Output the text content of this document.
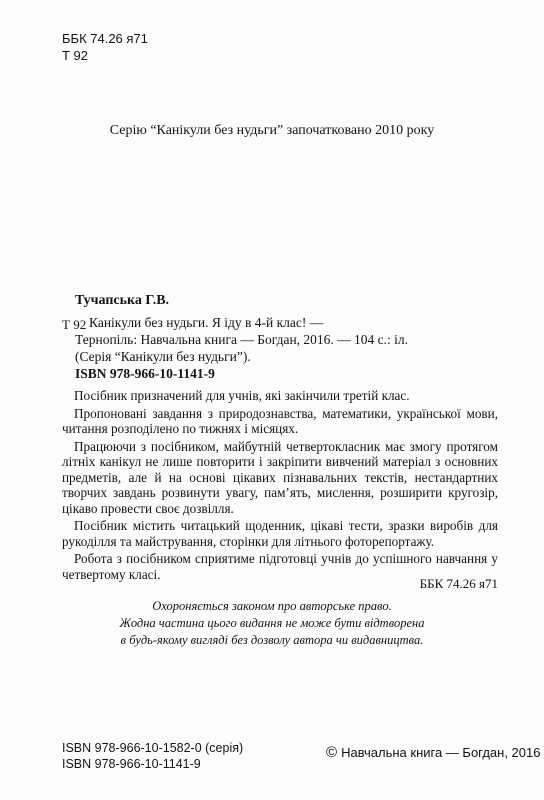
ББК 74.26 я71
Т 92
Серію “Канікули без нудьги” започатковано 2010 року
Тучапська Г.В.
Т 92 Канікули без нудьги. Я іду в 4-й клас! —
Тернопіль: Навчальна книга — Богдан, 2016. — 104 с.: іл.
(Серія “Канікули без нудьги”).
ISBN 978-966-10-1141-9

Посібник призначений для учнів, які закінчили третій клас.

Пропоновані завдання з природознавства, математики, української мови, читання розподілено по тижнях і місяцях.

Працюючи з посібником, майбутній четвертокласник має змогу протягом літніх канікул не лише повторити і закріпити вивчений матеріал з основних предметів, але й на основі цікавих пізнавальних текстів, нестандартних творчих завдань розвинути увагу, пам’ять, мислення, розширити кругозір, цікаво провести своє дозвілля.

Посібник містить читацький щоденник, цікаві тести, зразки виробів для рукоділля та майстрування, сторінки для літнього фоторепортажу.

Робота з посібником сприятиме підготовці учнів до успішного навчання у четвертому класі.

ББК 74.26 я71
Охороняється законом про авторське право.
Жодна частина цього видання не може бути відтворена
в будь-якому вигляді без дозволу автора чи видавництва.
ISBN 978-966-10-1582-0 (серія)
ISBN 978-966-10-1141-9
© Навчальна книга — Богдан, 2016
